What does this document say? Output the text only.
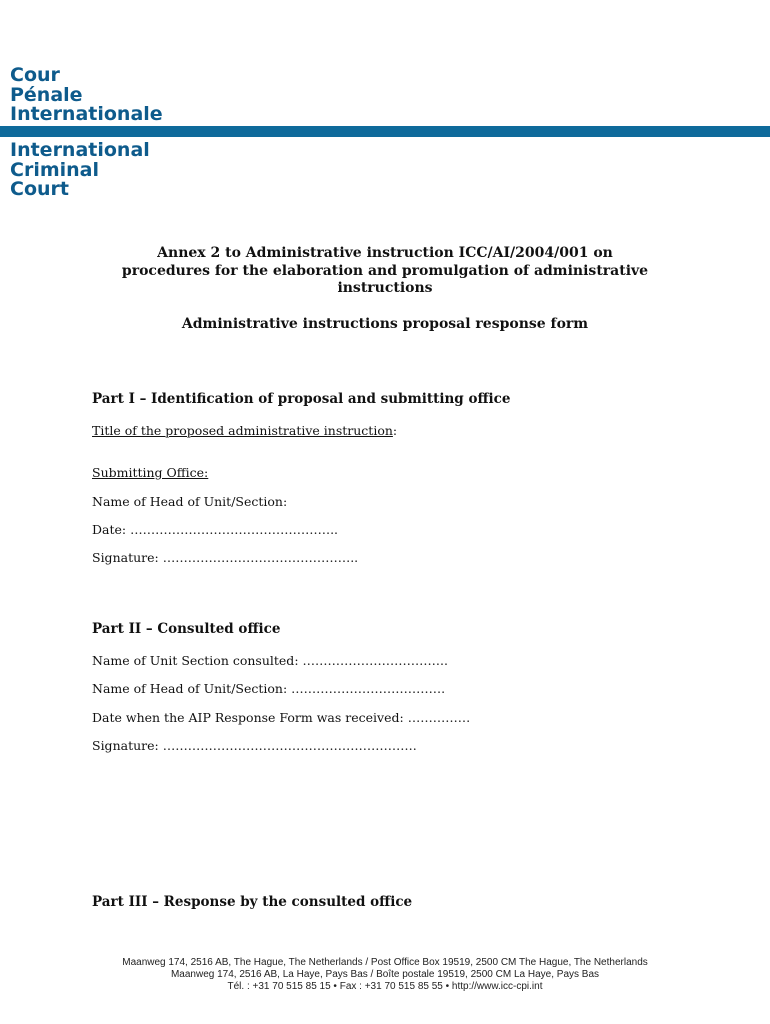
Cour
Pénale
Internationale
International
Criminal
Court
Annex 2 to Administrative instruction ICC/AI/2004/001 on
procedures for the elaboration and promulgation of administrative
instructions
Administrative instructions proposal response form
Part I – Identification of proposal and submitting office
Title of the proposed administrative instruction:
Submitting Office:
Name of Head of Unit/Section:
Date: …………………………………………..
Signature: ………………………………………..
Part II – Consulted office
Name of Unit Section consulted: ……………………………..
Name of Head of Unit/Section: ……………………………….
Date when the AIP Response Form was received: ……………
Signature: …………………………………………………….
Part III – Response by the consulted office
Maanweg 174, 2516 AB, The Hague, The Netherlands / Post Office Box 19519, 2500 CM The Hague, The Netherlands
Maanweg 174, 2516 AB, La Haye, Pays Bas / Boîte postale 19519, 2500 CM La Haye, Pays Bas
Tél. : +31 70 515 85 15 • Fax : +31 70 515 85 55 • http://www.icc-cpi.int
